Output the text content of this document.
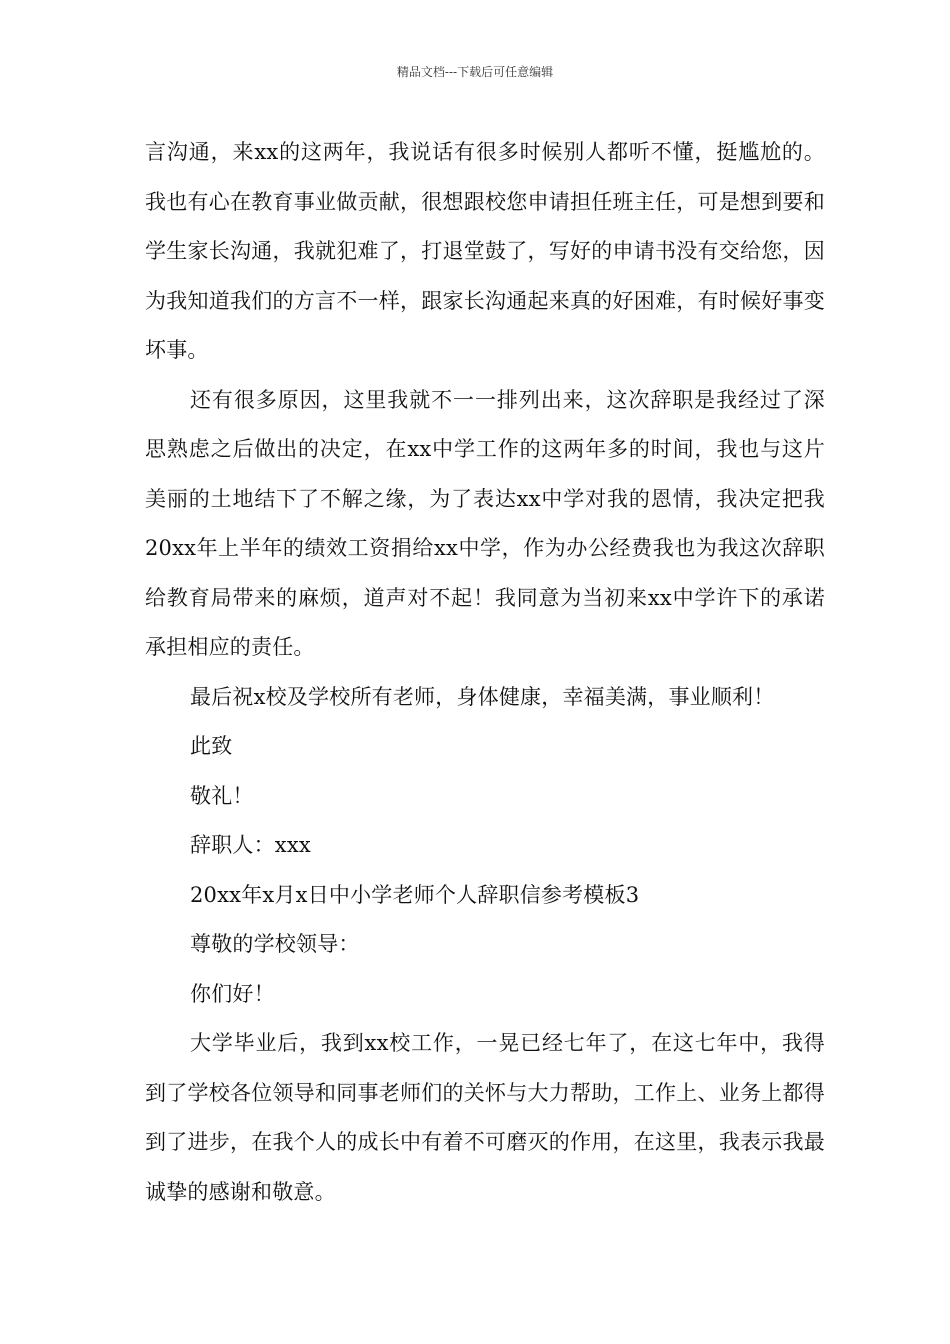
精品文档---下载后可任意编辑

言沟通，来xx的这两年，我说话有很多时候别人都听不懂，挺尴尬的。我也有心在教育事业做贡献，很想跟校您申请担任班主任，可是想到要和学生家长沟通，我就犯难了，打退堂鼓了，写好的申请书没有交给您，因为我知道我们的方言不一样，跟家长沟通起来真的好困难，有时候好事变坏事。

还有很多原因，这里我就不一一排列出来，这次辞职是我经过了深思熟虑之后做出的决定，在xx中学工作的这两年多的时间，我也与这片美丽的土地结下了不解之缘，为了表达xx中学对我的恩情，我决定把我20xx年上半年的绩效工资捐给xx中学，作为办公经费我也为我这次辞职给教育局带来的麻烦，道声对不起！我同意为当初来xx中学许下的承诺承担相应的责任。

最后祝x校及学校所有老师，身体健康，幸福美满，事业顺利！

此致

敬礼！

辞职人：xxx

20xx年x月x日中小学老师个人辞职信参考模板3

尊敬的学校领导：

你们好！

大学毕业后，我到xx校工作，一晃已经七年了，在这七年中，我得到了学校各位领导和同事老师们的关怀与大力帮助，工作上、业务上都得到了进步，在我个人的成长中有着不可磨灭的作用，在这里，我表示我最诚挚的感谢和敬意。
